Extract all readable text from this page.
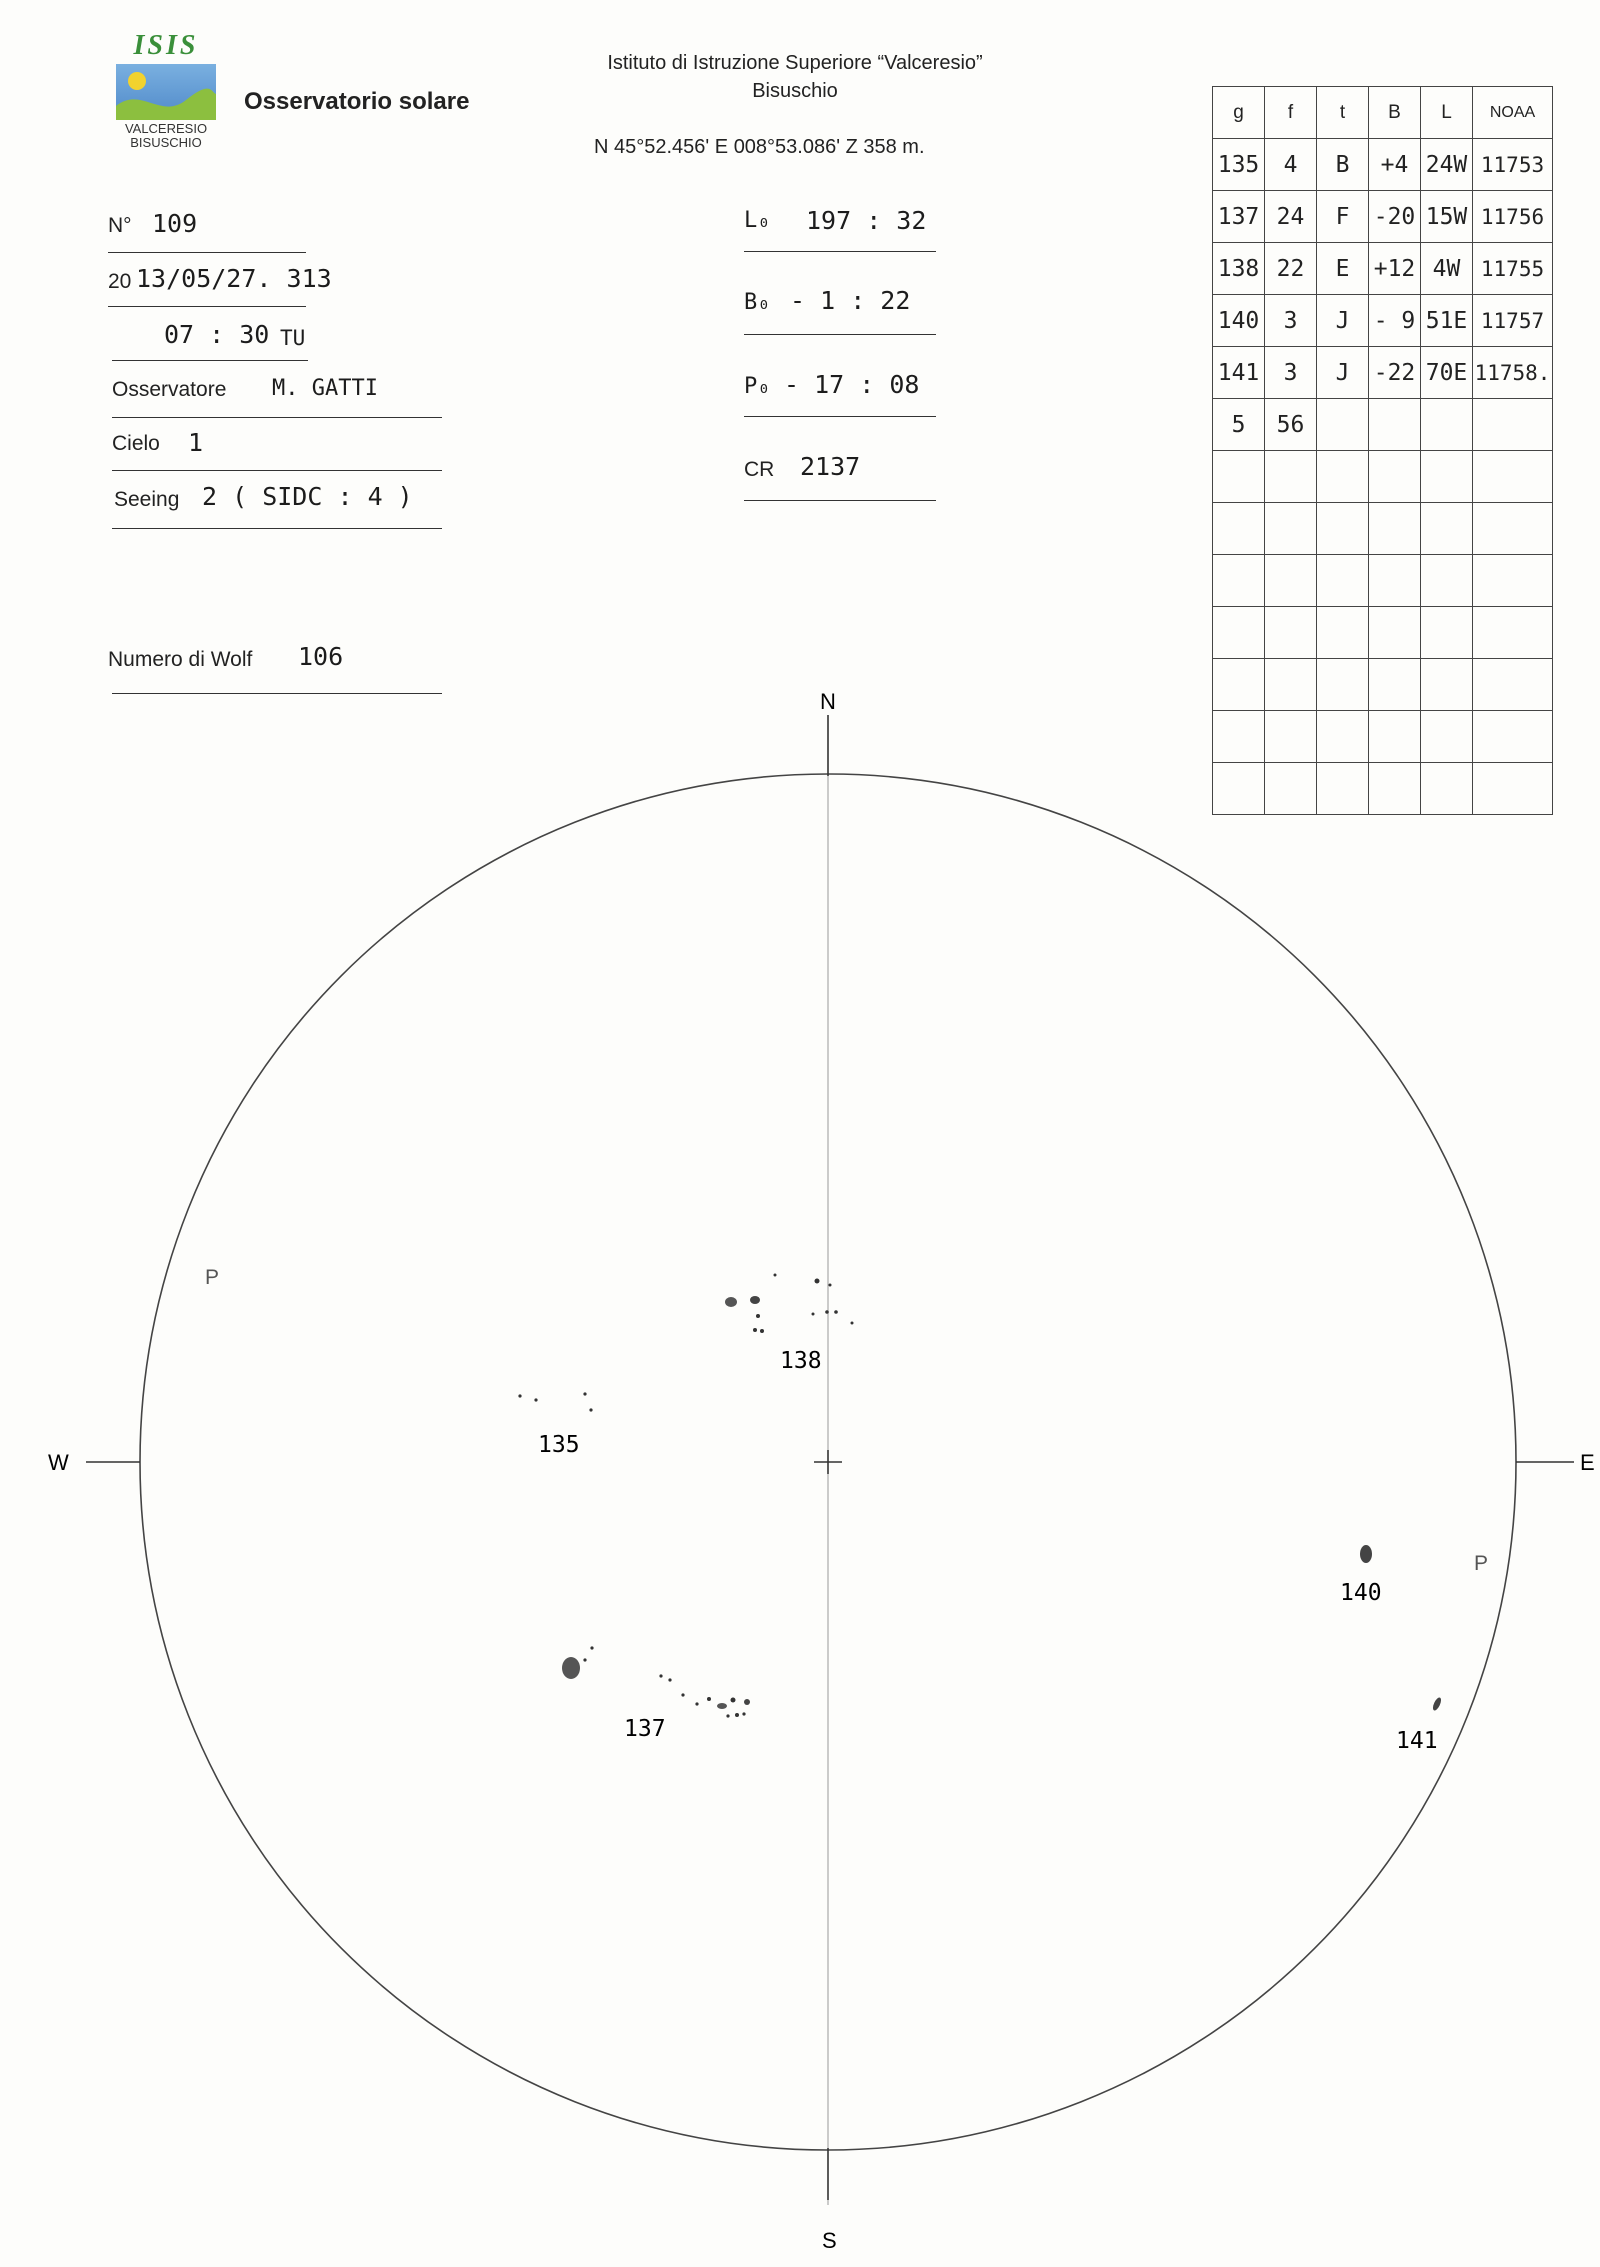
ISIS
VALCERESIO
BISUSCHIO
Osservatorio solare
Istituto di Istruzione Superiore “Valceresio”
Bisuschio
N 45°52.456' E 008°53.086' Z 358 m.
N° 109
20 13/05/27. 313
07 : 30 TU
Osservatore M. GATTI
Cielo 1
Seeing 2 ( SIDC : 4 )
Numero di Wolf 106
L₀ 197 : 32
B₀ - 1 : 22
P₀ - 17 : 08
CR 2137
g	f	t	B	L	NOAA
135	4	B	+4	24W	11753
137	24	F	-20	15W	11756
138	22	E	+12	4W	11755
140	3	J	- 9	51E	11757
141	3	J	-22	70E	11758.
5	56				

N
S
W	E
P
P
138
135
137
140
141
